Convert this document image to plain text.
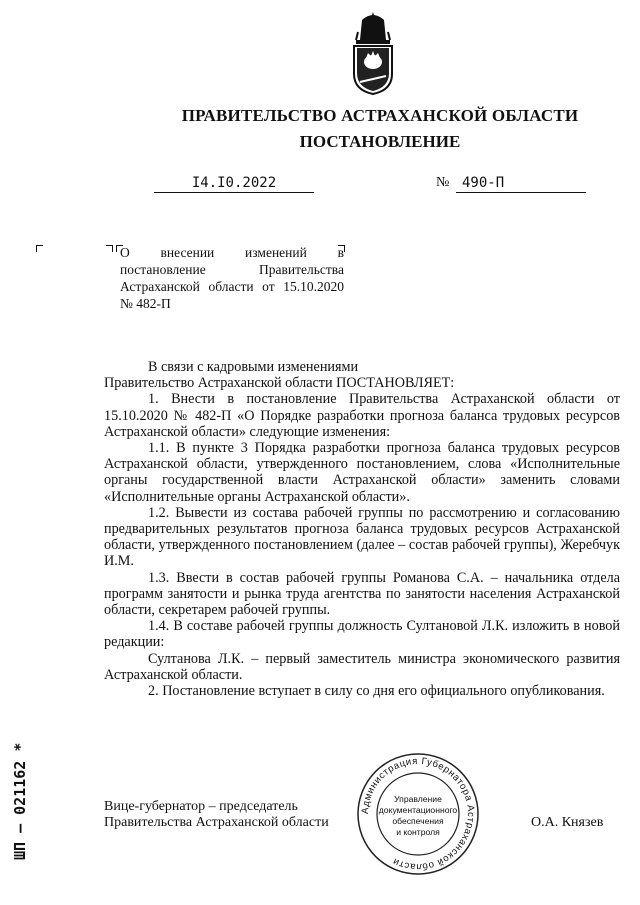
ПРАВИТЕЛЬСТВО АСТРАХАНСКОЙ ОБЛАСТИ
ПОСТАНОВЛЕНИЕ
I4.I0.2022	№ 490-П
О внесении изменений в постановление Правительства Астраханской области от 15.10.2020 № 482-П

В связи с кадровыми изменениями

Правительство Астраханской области ПОСТАНОВЛЯЕТ:

1. Внести в постановление Правительства Астраханской области от 15.10.2020 № 482-П «О Порядке разработки прогноза баланса трудовых ресурсов Астраханской области» следующие изменения:

1.1. В пункте 3 Порядка разработки прогноза баланса трудовых ресурсов Астраханской области, утвержденного постановлением, слова «Исполнительные органы государственной власти Астраханской области» заменить словами «Исполнительные органы Астраханской области».

1.2. Вывести из состава рабочей группы по рассмотрению и согласованию предварительных результатов прогноза баланса трудовых ресурсов Астраханской области, утвержденного постановлением (далее – состав рабочей группы), Жеребчук И.М.

1.3. Ввести в состав рабочей группы Романова С.А. – начальника отдела программ занятости и рынка труда агентства по занятости населения Астраханской области, секретарем рабочей группы.

1.4. В составе рабочей группы должность Султановой Л.К. изложить в новой редакции:

Султанова Л.К. – первый заместитель министра экономического развития Астраханской области.

2. Постановление вступает в силу со дня его официального опубликования.

Вице-губернатор – председатель
Правительства Астраханской области	О.А. Князев
Администрация Губернатора Астраханской области
Управление
документационного
обеспечения
и контроля
ШП – 021162 *
